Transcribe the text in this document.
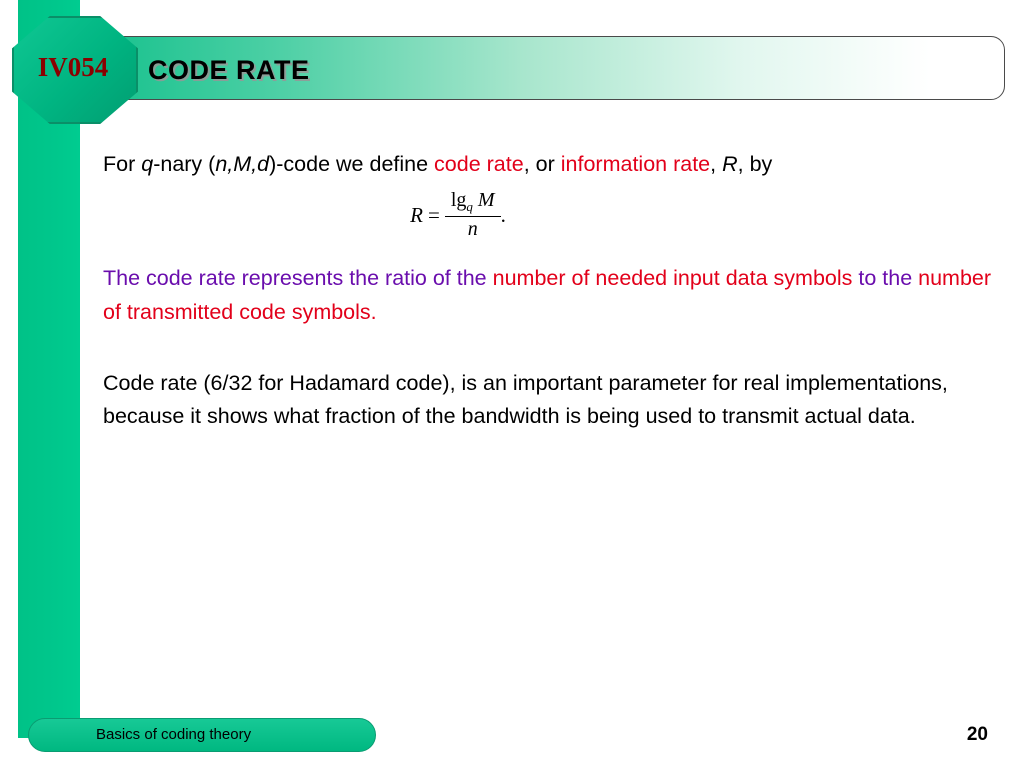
IV054	CODE RATE

For q-nary (n,M,d)-code we define code rate, or information rate, R, by

$R = \frac{\lg_q M}{n}$ .

The code rate represents the ratio of the number of needed input data symbols to the number of transmitted code symbols.

Code rate (6/32 for Hadamard code), is an important parameter for real implementations, because it shows what fraction of the bandwidth is being used to transmit actual data.

Basics of coding theory	20
